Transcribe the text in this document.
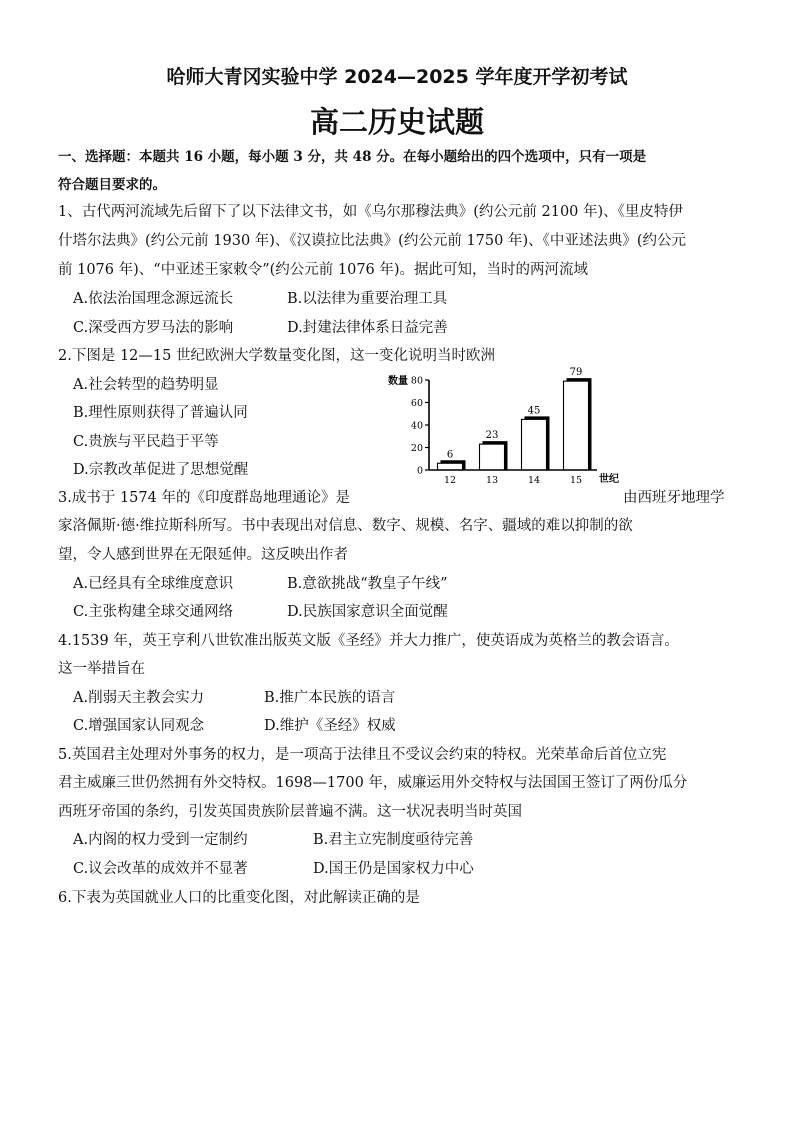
哈师大青冈实验中学 2024—2025 学年度开学初考试
高二历史试题
一、选择题：本题共 16 小题，每小题 3 分，共 48 分。在每小题给出的四个选项中，只有一项是
符合题目要求的。
1、古代两河流域先后留下了以下法律文书，如《乌尔那穆法典》(约公元前 2100 年)、《里皮特伊
什塔尔法典》(约公元前 1930 年)、《汉谟拉比法典》(约公元前 1750 年)、《中亚述法典》(约公元
前 1076 年)、“中亚述王家敕令”(约公元前 1076 年)。据此可知，当时的两河流域
A.依法治国理念源远流长	B.以法律为重要治理工具
C.深受西方罗马法的影响	D.封建法律体系日益完善
2.下图是 12—15 世纪欧洲大学数量变化图，这一变化说明当时欧洲
A.社会转型的趋势明显
B.理性原则获得了普遍认同
C.贵族与平民趋于平等
D.宗教改革促进了思想觉醒
数量
0
20
40
60
80
6
23
45
79
12	13	14	15 世纪
3.成书于 1574 年的《印度群岛地理通论》是	由西班牙地理学
家洛佩斯·德·维拉斯科所写。书中表现出对信息、数字、规模、名字、疆域的难以抑制的欲
望，令人感到世界在无限延伸。这反映出作者
A.已经具有全球维度意识	B.意欲挑战“教皇子午线”
C.主张构建全球交通网络	D.民族国家意识全面觉醒
4.1539 年，英王亨利八世钦准出版英文版《圣经》并大力推广，使英语成为英格兰的教会语言。
这一举措旨在
A.削弱天主教会实力	B.推广本民族的语言
C.增强国家认同观念	D.维护《圣经》权威
5.英国君主处理对外事务的权力，是一项高于法律且不受议会约束的特权。光荣革命后首位立宪
君主威廉三世仍然拥有外交特权。1698—1700 年，威廉运用外交特权与法国国王签订了两份瓜分
西班牙帝国的条约，引发英国贵族阶层普遍不满。这一状况表明当时英国
A.内阁的权力受到一定制约	B.君主立宪制度亟待完善
C.议会改革的成效并不显著	D.国王仍是国家权力中心
6.下表为英国就业人口的比重变化图，对此解读正确的是
